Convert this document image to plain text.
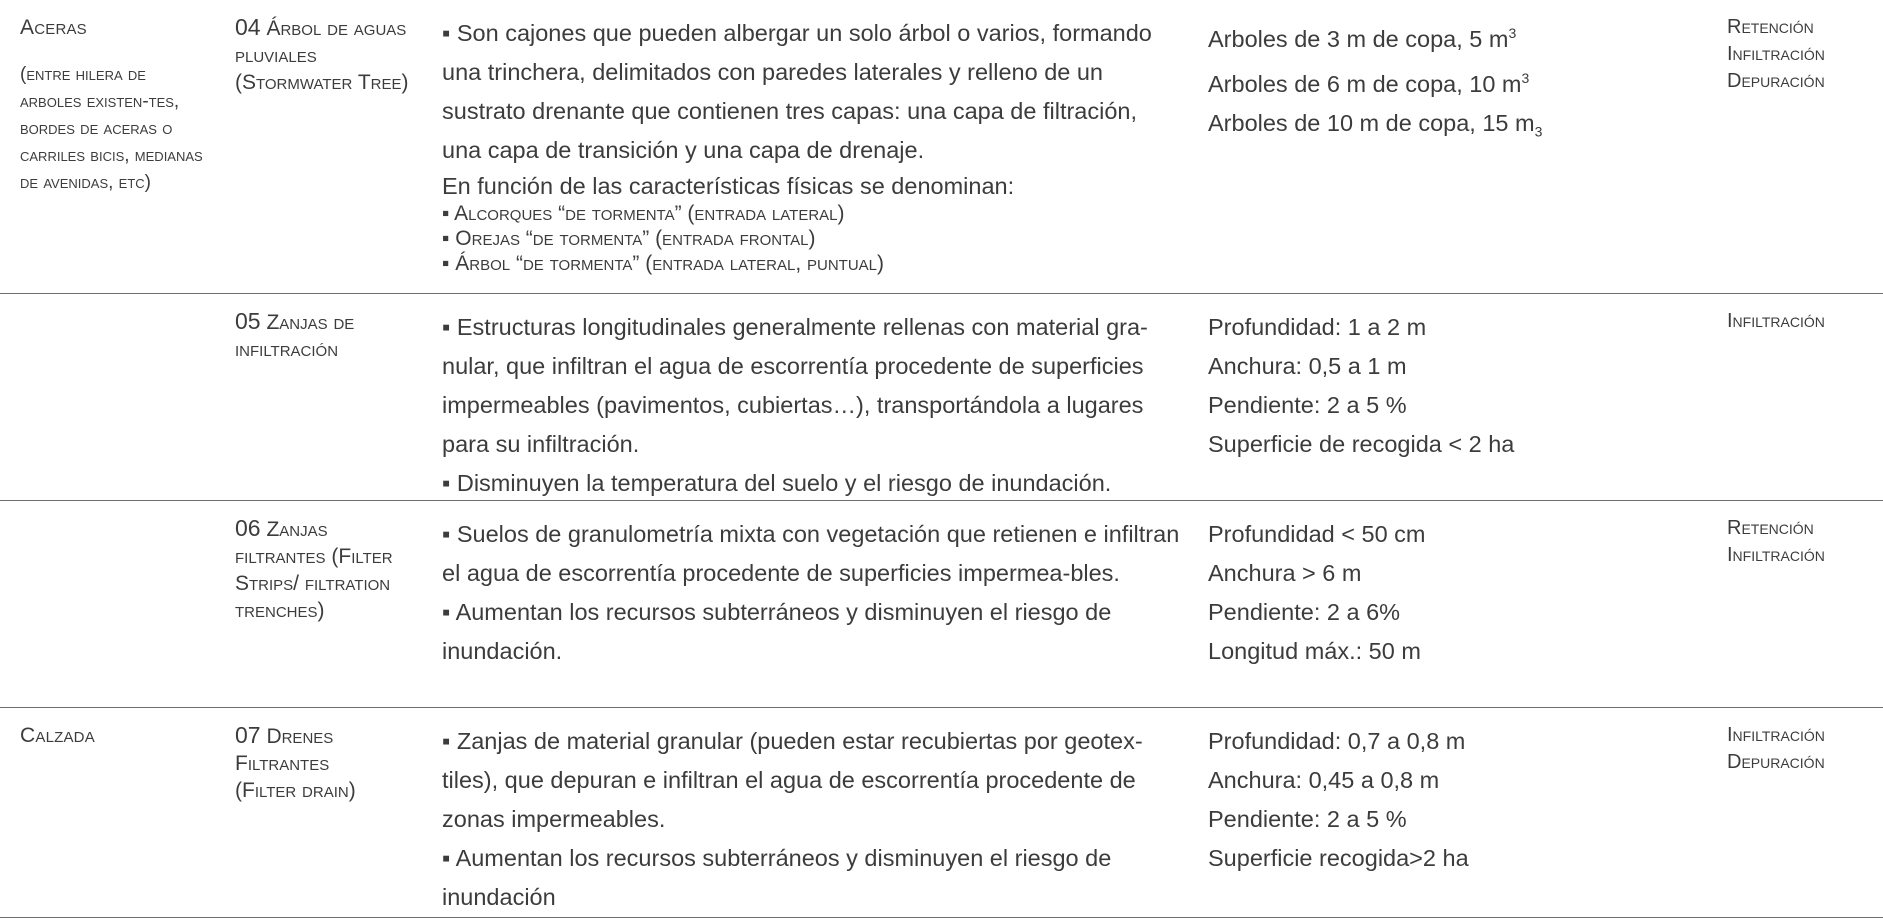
Aceras
(entre hilera de arboles existen-tes, bordes de aceras o carriles bicis, medianas de avenidas, etc)
04 Árbol de aguas pluviales (Stormwater Tree)

▪ Son cajones que pueden albergar un solo árbol o varios, formando una trinchera, delimitados con paredes laterales y relleno de un sustrato drenante que contienen tres capas: una capa de filtración, una capa de transición y una capa de drenaje.

En función de las características físicas se denominan:

▪ Alcorques “de tormenta” (entrada lateral)
▪ Orejas “de tormenta” (entrada frontal)
▪ Árbol “de tormenta” (entrada lateral, puntual)
Arboles de 3 m de copa, 5 $m^3$
Arboles de 6 m de copa, 10 $m^3$
Arboles de 10 m de copa, 15 $m_3$
Retención
Infiltración
Depuración
05 Zanjas de infiltración

▪ Estructuras longitudinales generalmente rellenas con material gra-nular, que infiltran el agua de escorrentía procedente de superficies impermeables (pavimentos, cubiertas…), transportándola a lugares para su infiltración.

▪ Disminuyen la temperatura del suelo y el riesgo de inundación.

Profundidad: 1 a 2 m
Anchura: 0,5 a 1 m
Pendiente: 2 a 5 %
Superficie de recogida < 2 ha
Infiltración
06 Zanjas filtrantes (Filter Strips/ filtration trenches)

▪ Suelos de granulometría mixta con vegetación que retienen e infiltran el agua de escorrentía procedente de superficies impermea-bles.

▪ Aumentan los recursos subterráneos y disminuyen el riesgo de inundación.

Profundidad < 50 cm
Anchura > 6 m
Pendiente: 2 a 6%
Longitud máx.: 50 m
Retención
Infiltración
Calzada	07 Drenes Filtrantes (Filter drain)

▪ Zanjas de material granular (pueden estar recubiertas por geotex-tiles), que depuran e infiltran el agua de escorrentía procedente de zonas impermeables.

▪ Aumentan los recursos subterráneos y disminuyen el riesgo de inundación

Profundidad: 0,7 a 0,8 m
Anchura: 0,45 a 0,8 m
Pendiente: 2 a 5 %
Superficie recogida>2 ha
Infiltración
Depuración
